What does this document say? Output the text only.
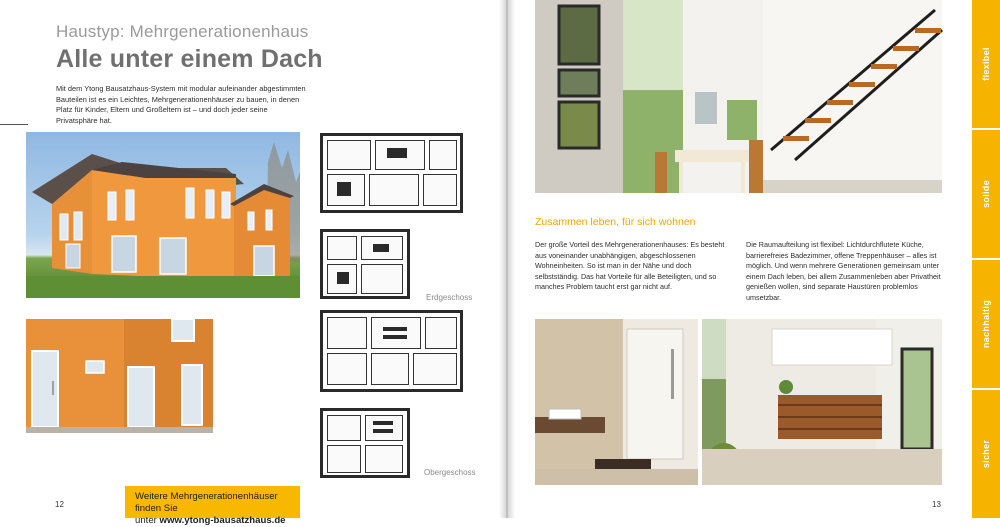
Haustyp: Mehrgenerationenhaus
Alle unter einem Dach
Mit dem Ytong Bausatzhaus-System mit modular aufeinander abgestimmten Bauteilen ist es ein Leichtes, Mehrgenerationenhäuser zu bauen, in denen Platz für Kinder, Eltern und Großeltern ist – und doch jeder seine Privatsphäre hat.
Erdgeschoss
Obergeschoss
Weitere Mehrgenerationenhäuser finden Sie
unter www.ytong-bausatzhaus.de
12
Zusammen leben, für sich wohnen
Der große Vorteil des Mehrgenerationenhauses: Es besteht aus voneinander unabhängigen, abgeschlossenen Wohneinheiten. So ist man in der Nähe und doch selbstständig. Das hat Vorteile für alle Beteiligten, und so manches Problem taucht erst gar nicht auf.
Die Raumaufteilung ist flexibel: Lichtdurchflutete Küche, barrierefreies Badezimmer, offene Treppenhäuser – alles ist möglich. Und wenn mehrere Generationen gemeinsam unter einem Dach leben, bei allem Zusammenleben aber Privatheit genießen wollen, sind separate Haustüren problemlos umsetzbar.
13
flexibel
solide
nachhaltig
sicher
